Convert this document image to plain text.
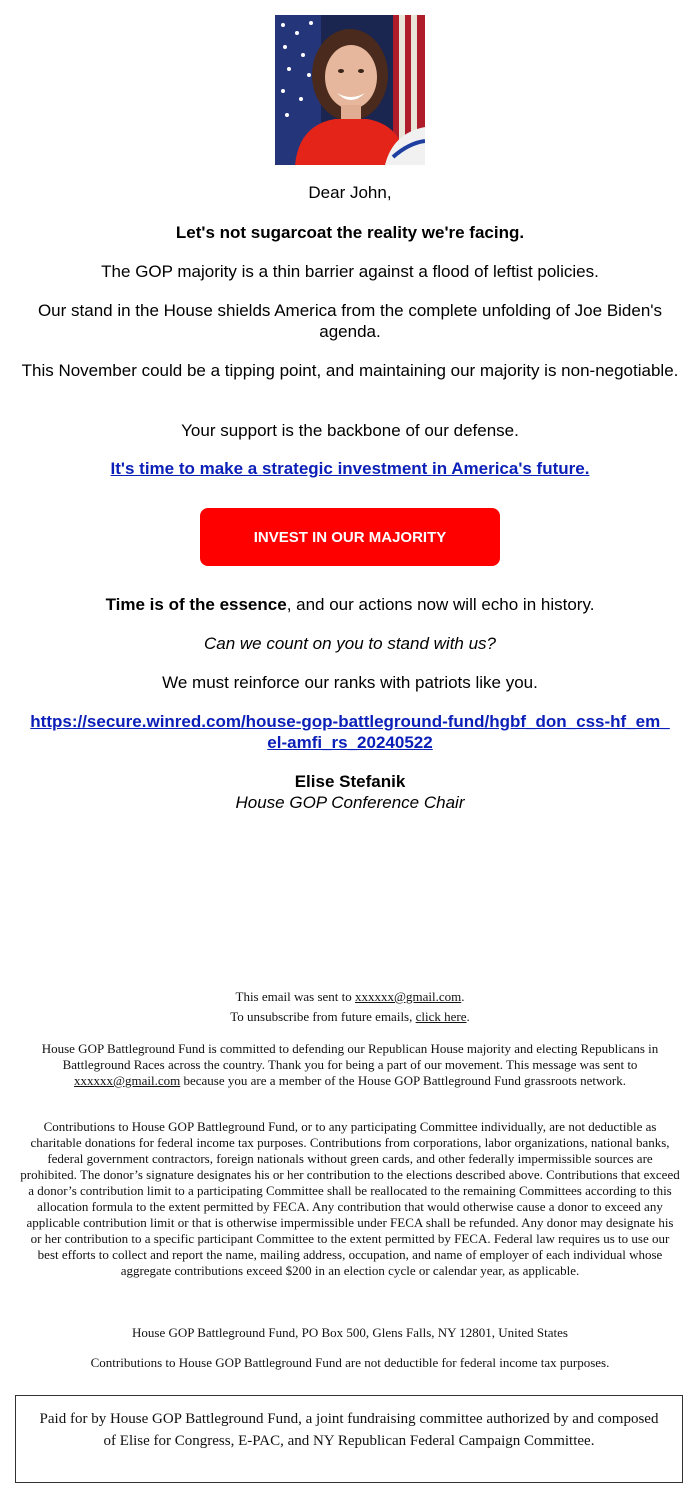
Dear John,
Let's not sugarcoat the reality we're facing.
The GOP majority is a thin barrier against a flood of leftist policies.
Our stand in the House shields America from the complete unfolding of Joe Biden's agenda.
This November could be a tipping point, and maintaining our majority is non-negotiable.
Your support is the backbone of our defense.
It's time to make a strategic investment in America's future.
INVEST IN OUR MAJORITY
Time is of the essence, and our actions now will echo in history.
Can we count on you to stand with us?
We must reinforce our ranks with patriots like you.
https://secure.winred.com/house-gop-battleground-fund/hgbf_don_css-hf_em_el-amfi_rs_20240522
Elise Stefanik
House GOP Conference Chair
This email was sent to xxxxxx@gmail.com.
To unsubscribe from future emails, click here.
House GOP Battleground Fund is committed to defending our Republican House majority and electing Republicans in Battleground Races across the country. Thank you for being a part of our movement. This message was sent to xxxxxx@gmail.com because you are a member of the House GOP Battleground Fund grassroots network.
Contributions to House GOP Battleground Fund, or to any participating Committee individually, are not deductible as charitable donations for federal income tax purposes. Contributions from corporations, labor organizations, national banks, federal government contractors, foreign nationals without green cards, and other federally impermissible sources are prohibited. The donor’s signature designates his or her contribution to the elections described above. Contributions that exceed a donor’s contribution limit to a participating Committee shall be reallocated to the remaining Committees according to this allocation formula to the extent permitted by FECA. Any contribution that would otherwise cause a donor to exceed any applicable contribution limit or that is otherwise impermissible under FECA shall be refunded. Any donor may designate his or her contribution to a specific participant Committee to the extent permitted by FECA. Federal law requires us to use our best efforts to collect and report the name, mailing address, occupation, and name of employer of each individual whose aggregate contributions exceed $200 in an election cycle or calendar year, as applicable.
House GOP Battleground Fund, PO Box 500, Glens Falls, NY 12801, United States
Contributions to House GOP Battleground Fund are not deductible for federal income tax purposes.
Paid for by House GOP Battleground Fund, a joint fundraising committee authorized by and composed of Elise for Congress, E-PAC, and NY Republican Federal Campaign Committee.
